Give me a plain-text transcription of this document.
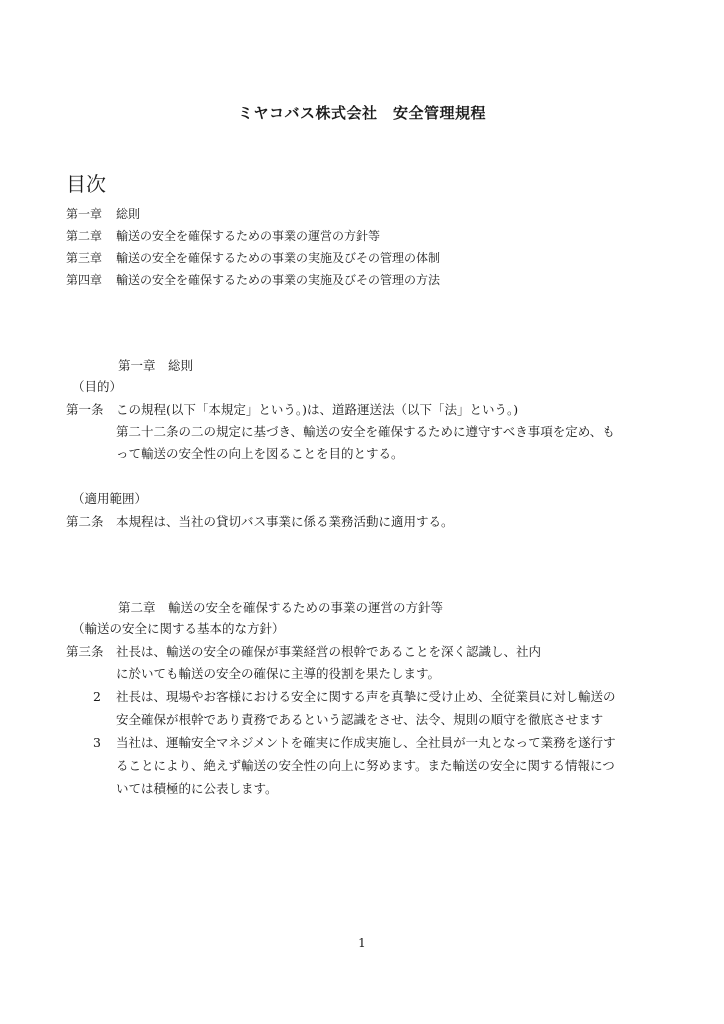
ミヤコバス株式会社　安全管理規程
目次
第一章 総則
第二章 輸送の安全を確保するための事業の運営の方針等
第三章 輸送の安全を確保するための事業の実施及びその管理の体制
第四章 輸送の安全を確保するための事業の実施及びその管理の方法
第一章　総則
（目的）
第一条 この規程(以下「本規定」という。)は、道路運送法（以下「法」という。)
第二十二条の二の規定に基づき、輸送の安全を確保するために遵守すべき事項を定め、も
って輸送の安全性の向上を図ることを目的とする。
（適用範囲）
第二条 本規程は、当社の貸切バス事業に係る業務活動に適用する。
第二章　輸送の安全を確保するための事業の運営の方針等
（輸送の安全に関する基本的な方針）
第三条 社長は、輸送の安全の確保が事業経営の根幹であることを深く認識し、社内
に於いても輸送の安全の確保に主導的役割を果たします。
2 社長は、現場やお客様における安全に関する声を真摯に受け止め、全従業員に対し輸送の
安全確保が根幹であり責務であるという認識をさせ、法令、規則の順守を徹底させます
3 当社は、運輸安全マネジメントを確実に作成実施し、全社員が一丸となって業務を遂行す
ることにより、絶えず輸送の安全性の向上に努めます。また輸送の安全に関する情報につ
いては積極的に公表します。
1
